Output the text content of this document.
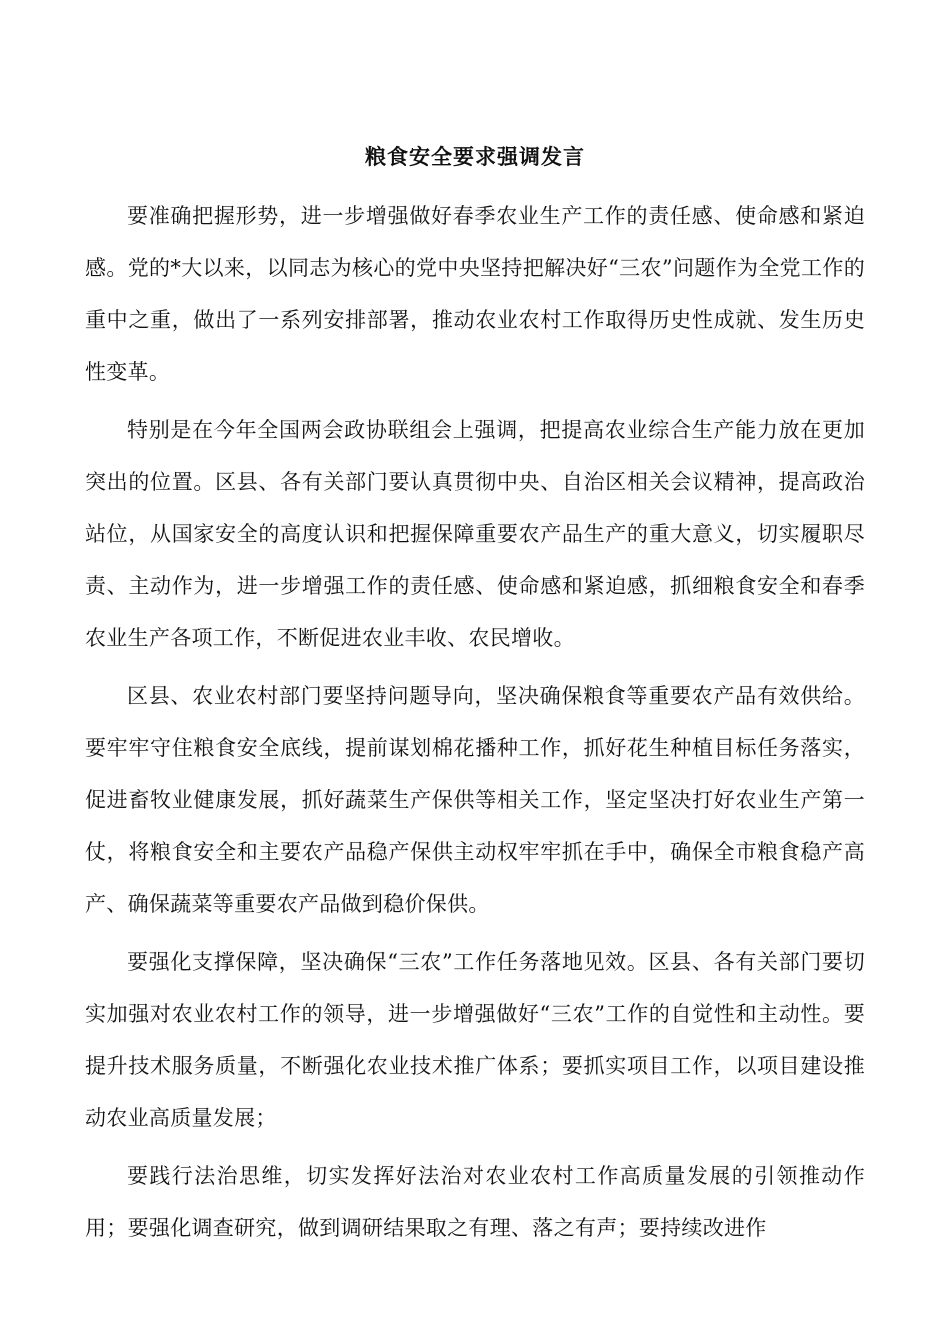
粮食安全要求强调发言

要准确把握形势，进一步增强做好春季农业生产工作的责任感、使命感和紧迫感。党的*大以来，以同志为核心的党中央坚持把解决好“三农”问题作为全党工作的重中之重，做出了一系列安排部署，推动农业农村工作取得历史性成就、发生历史性变革。

特别是在今年全国两会政协联组会上强调，把提高农业综合生产能力放在更加突出的位置。区县、各有关部门要认真贯彻中央、自治区相关会议精神，提高政治站位，从国家安全的高度认识和把握保障重要农产品生产的重大意义，切实履职尽责、主动作为，进一步增强工作的责任感、使命感和紧迫感，抓细粮食安全和春季农业生产各项工作，不断促进农业丰收、农民增收。

区县、农业农村部门要坚持问题导向，坚决确保粮食等重要农产品有效供给。要牢牢守住粮食安全底线，提前谋划棉花播种工作，抓好花生种植目标任务落实，促进畜牧业健康发展，抓好蔬菜生产保供等相关工作，坚定坚决打好农业生产第一仗，将粮食安全和主要农产品稳产保供主动权牢牢抓在手中，确保全市粮食稳产高产、确保蔬菜等重要农产品做到稳价保供。

要强化支撑保障，坚决确保“三农”工作任务落地见效。区县、各有关部门要切实加强对农业农村工作的领导，进一步增强做好“三农”工作的自觉性和主动性。要提升技术服务质量，不断强化农业技术推广体系；要抓实项目工作，以项目建设推动农业高质量发展；

要践行法治思维，切实发挥好法治对农业农村工作高质量发展的引领推动作用；要强化调查研究，做到调研结果取之有理、落之有声；要持续改进作
